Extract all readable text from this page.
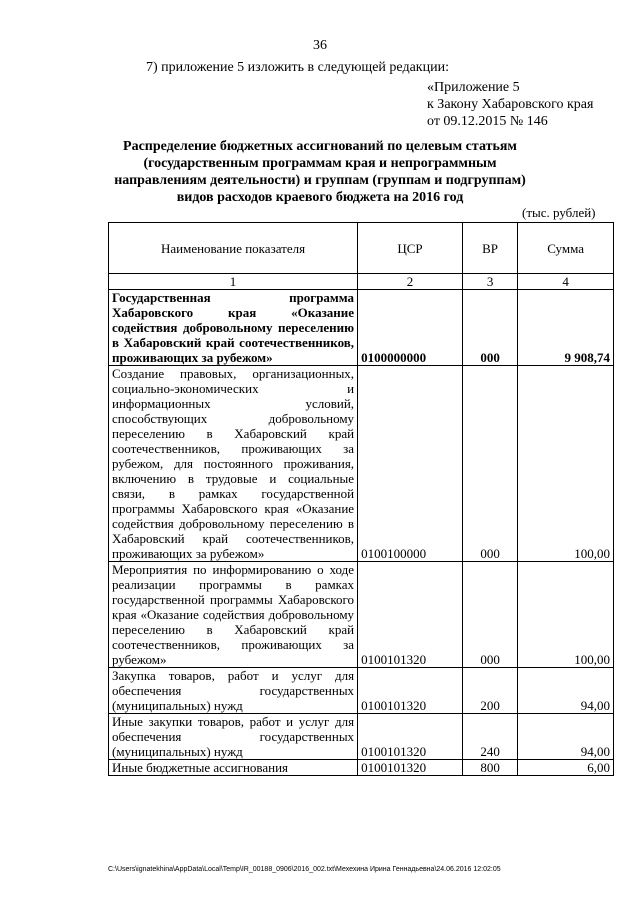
36
7) приложение 5 изложить в следующей редакции:
«Приложение 5
к Закону Хабаровского края
от 09.12.2015 № 146
Распределение бюджетных ассигнований по целевым статьям (государственным программам края и непрограммным направлениям деятельности) и группам (группам и подгруппам) видов расходов краевого бюджета на 2016 год
(тыс. рублей)
Наименование показателя	ЦСР	ВР	Сумма
1	2	3	4
Государственная программа Хабаровского края «Оказание содействия добровольному переселению в Хабаровский край соотечественников, проживающих за рубежом»	0100000000	000	9 908,74
Создание правовых, организационных, социально-экономических и информационных условий, способствующих добровольному переселению в Хабаровский край соотечественников, проживающих за рубежом, для постоянного проживания, включению в трудовые и социальные связи, в рамках государственной программы Хабаровского края «Оказание содействия добровольному переселению в Хабаровский край соотечественников, проживающих за рубежом»	0100100000	000	100,00
Мероприятия по информированию о ходе реализации программы в рамках государственной программы Хабаровского края «Оказание содействия добровольному переселению в Хабаровский край соотечественников, проживающих за рубежом»	0100101320	000	100,00
Закупка товаров, работ и услуг для обеспечения государственных (муниципальных) нужд	0100101320	200	94,00
Иные закупки товаров, работ и услуг для обеспечения государственных (муниципальных) нужд	0100101320	240	94,00
Иные бюджетные ассигнования	0100101320	800	6,00
C:\Users\ignatekhina\AppData\Local\Temp\IR_00188_0906\2016_002.txt\Мехехина Ирина Геннадьевна\24.06.2016 12:02:05
